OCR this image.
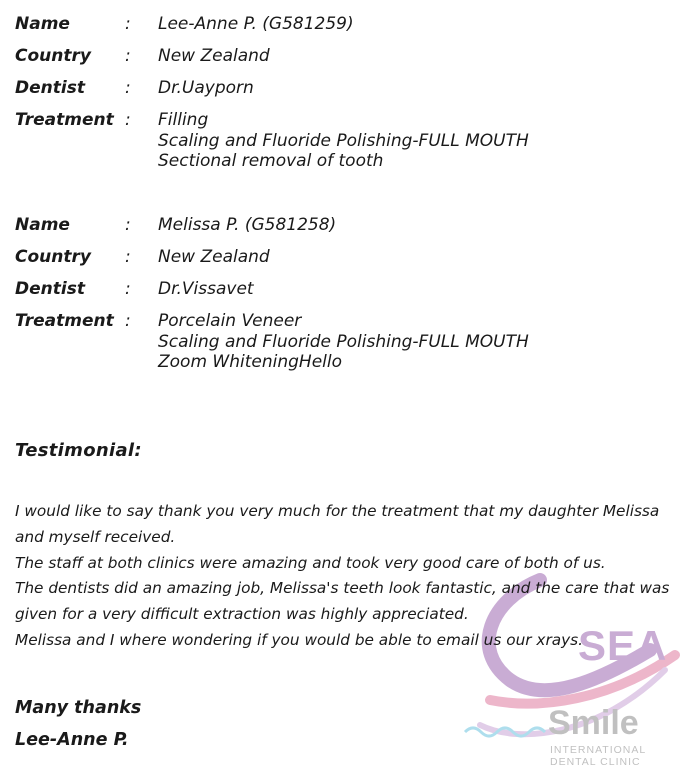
Name	:	Lee-Anne P. (G581259)
Country	:	New Zealand
Dentist	:	Dr.Uayporn
Treatment :	Filling
Scaling and Fluoride Polishing-FULL MOUTH
Sectional removal of tooth
Name	:	Melissa P. (G581258)
Country	:	New Zealand
Dentist	:	Dr.Vissavet
Treatment :	Porcelain Veneer
Scaling and Fluoride Polishing-FULL MOUTH
Zoom WhiteningHello
SEA
Smile
INTERNATIONAL
DENTAL CLINIC
Testimonial:

I would like to say thank you very much for the treatment that my daughter Melissa and myself received.

The staff at both clinics were amazing and took very good care of both of us.

The dentists did an amazing job, Melissa's teeth look fantastic, and the care that was given for a very difficult extraction was highly appreciated.

Melissa and I where wondering if you would be able to email us our xrays.

Many thanks
Lee-Anne P.
